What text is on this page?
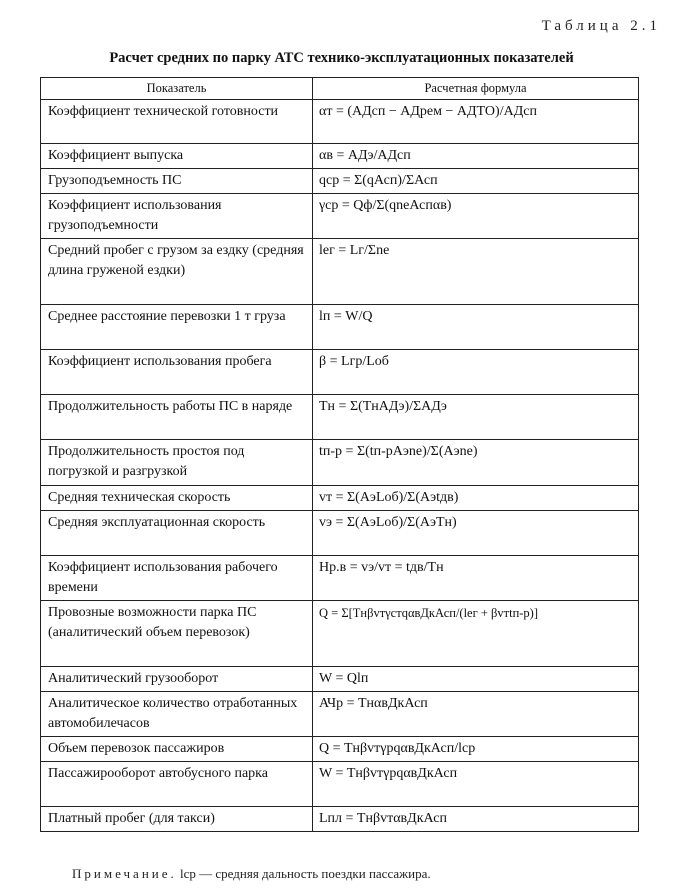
Таблица 2.1
Расчет средних по парку АТС технико-эксплуатационных показателей
Показатель	Расчетная формула
Коэффициент технической готовности	αт = (АДсп − АДрем − АДТО)/АДсп
Коэффициент выпуска	αв = АДэ/АДсп
Грузоподъемность ПС	qср = Σ(qАсп)/ΣАсп
Коэффициент использования грузоподъемности	γср = Qф/Σ(qnеАспαв)
Средний пробег с грузом за ездку (средняя длина груженой ездки)	lег = Lг/Σnе
Среднее расстояние перевозки 1 т груза	lп = W/Q
Коэффициент использования пробега	β = Lгр/Lоб
Продолжительность работы ПС в наряде	Тн = Σ(ТнАДэ)/ΣАДэ
Продолжительность простоя под погрузкой и разгрузкой	tп-р = Σ(tп-рАэnе)/Σ(Аэnе)
Средняя техническая скорость	vт = Σ(АэLоб)/Σ(Аэtдв)
Средняя эксплуатационная скорость	vэ = Σ(АэLоб)/Σ(АэТн)
Коэффициент использования рабочего времени	Нр.в = vэ/vт = tдв/Тн
Провозные возможности парка ПС (аналитический объем перевозок)	Q = Σ[ТнβvтγстqαвДкАсп/(lег + βvтtп-р)]
Аналитический грузооборот	W = Qlп
Аналитическое количество отработанных автомобилечасов	АЧр = ТнαвДкАсп
Объем перевозок пассажиров	Q = ТнβvтγрqαвДкАсп/lср
Пассажирооборот автобусного парка	W = ТнβvтγрqαвДкАсп
Платный пробег (для такси)	Lпл = ТнβvтαвДкАсп
Примечание. lср — средняя дальность поездки пассажира.
